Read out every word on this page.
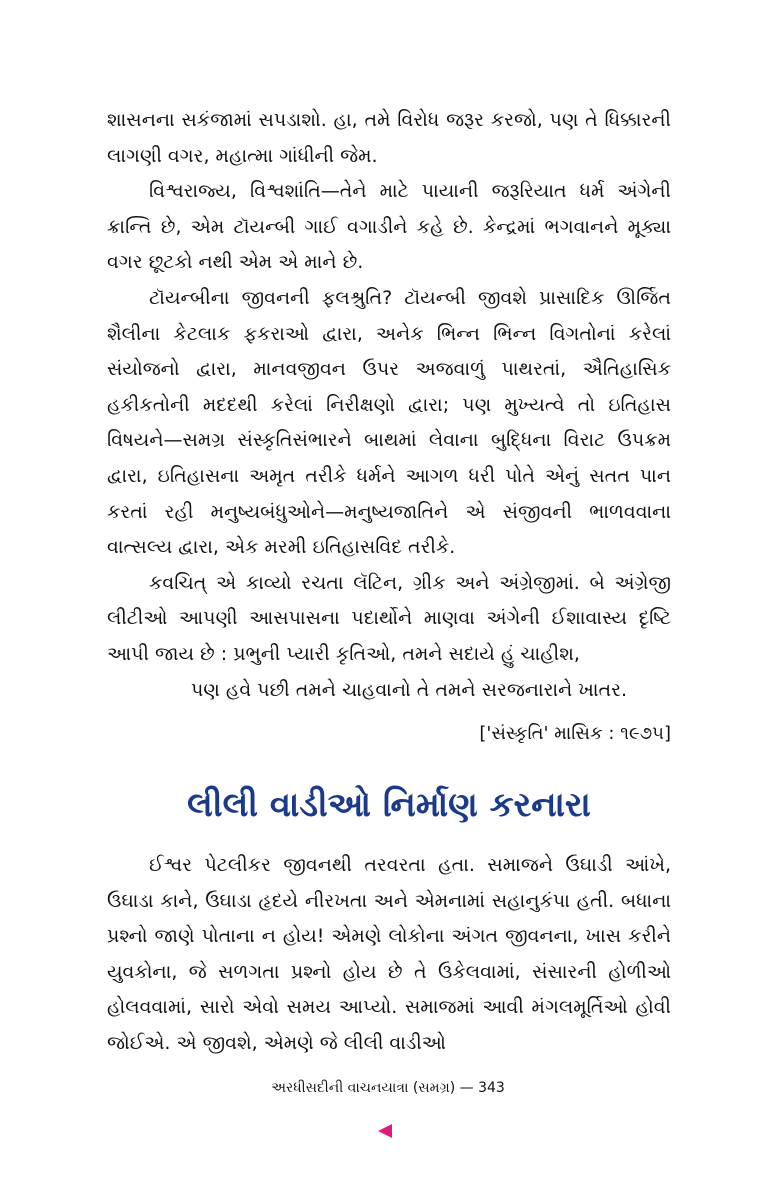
શાસનના સકંજામાં સપડાશો. હા, તમે વિરોધ જરૂર કરજો, પણ તે ધિક્કારની લાગણી વગર, મહાત્મા ગાંધીની જેમ.

વિશ્વરાજ્ય, વિશ્વશાંતિ—તેને માટે પાયાની જરૂરિયાત ધર્મ અંગેની ક્રાન્તિ છે, એમ ટૉયન્બી ગાઈ વગાડીને કહે છે. કેન્દ્રમાં ભગવાનને મૂક્યા વગર છૂટકો નથી એમ એ માને છે.

ટૉયન્બીના જીવનની ફલશ્રુતિ? ટૉયન્બી જીવશે પ્રાસાદિક ઊર્જિત શૈલીના કેટલાક ફકરાઓ દ્વારા, અનેક ભિન્ન ભિન્ન વિગતોનાં કરેલાં સંયોજનો દ્વારા, માનવજીવન ઉપર અજવાળું પાથરતાં, ઐતિહાસિક હકીકતોની મદદથી કરેલાં નિરીક્ષણો દ્વારા; પણ મુખ્યત્વે તો ઇતિહાસ વિષયને—સમગ્ર સંસ્કૃતિસંભારને બાથમાં લેવાના બુદ્ધિના વિરાટ ઉપક્રમ દ્વારા, ઇતિહાસના અમૃત તરીકે ધર્મને આગળ ધરી પોતે એનું સતત પાન કરતાં રહી મનુષ્યબંધુઓને—મનુષ્યજાતિને એ સંજીવની ભાળવવાના વાત્સલ્ય દ્વારા, એક મરમી ઇતિહાસવિદ તરીકે.

કવચિત્ એ કાવ્યો રચતા લૅટિન, ગ્રીક અને અંગ્રેજીમાં. બે અંગ્રેજી લીટીઓ આપણી આસપાસના પદાર્થોને માણવા અંગેની ઈશાવાસ્ય દૃષ્ટિ આપી જાય છે : પ્રભુની પ્યારી કૃતિઓ, તમને સદાયે હું ચાહીશ,

પણ હવે પછી તમને ચાહવાનો તે તમને સરજનારાને ખાતર.

['સંસ્કૃતિ' માસિક : ૧૯૭૫]

લીલી વાડીઓ નિર્માણ કરનારા

ઈશ્વર પેટલીકર જીવનથી તરવરતા હતા. સમાજને ઉઘાડી આંખે, ઉઘાડા કાને, ઉઘાડા હૃદયે નીરખતા અને એમનામાં સહાનુકંપા હતી. બધાના પ્રશ્નો જાણે પોતાના ન હોય! એમણે લોકોના અંગત જીવનના, ખાસ કરીને યુવકોના, જે સળગતા પ્રશ્નો હોય છે તે ઉકેલવામાં, સંસારની હોળીઓ હોલવવામાં, સારો એવો સમય આપ્યો. સમાજમાં આવી મંગલમૂર્તિઓ હોવી જોઈએ. એ જીવશે, એમણે જે લીલી વાડીઓ

અરધીસદીની વાચનયાત્રા (સમગ્ર) — 343
